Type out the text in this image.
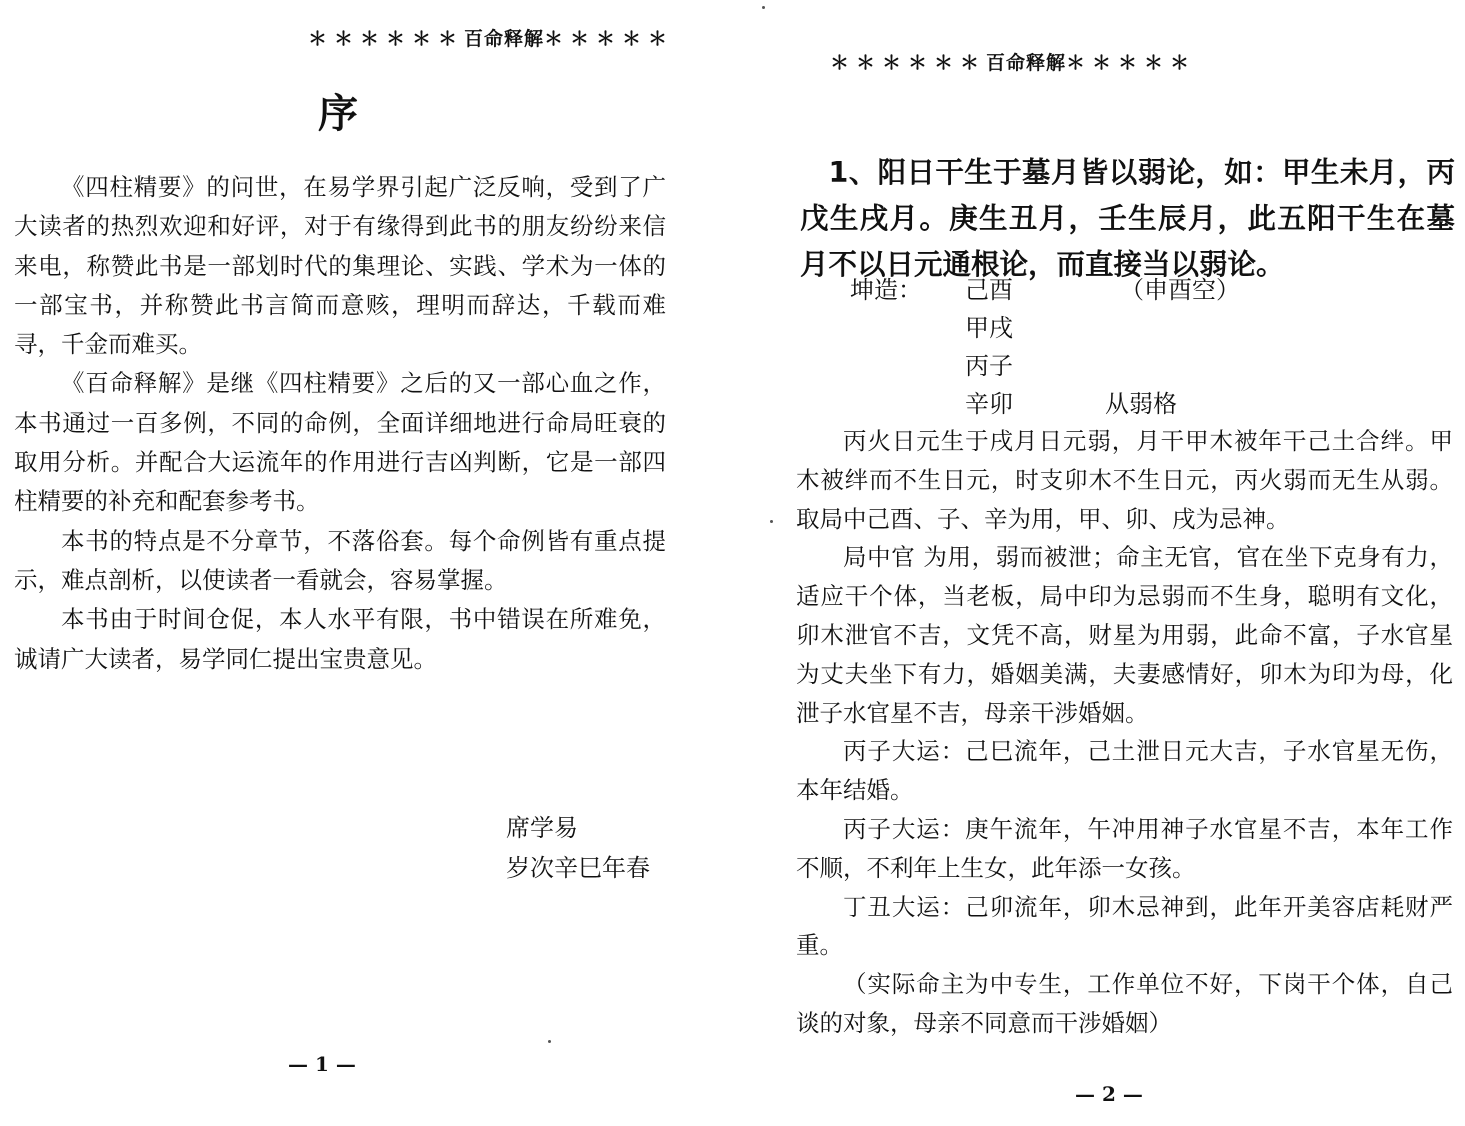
＊＊＊＊＊＊百命释解＊＊＊＊＊
序

《四柱精要》的问世，在易学界引起广泛反响，受到了广大读者的热烈欢迎和好评，对于有缘得到此书的朋友纷纷来信来电，称赞此书是一部划时代的集理论、实践、学术为一体的一部宝书，并称赞此书言简而意赅，理明而辞达，千载而难寻，千金而难买。

《百命释解》是继《四柱精要》之后的又一部心血之作，本书通过一百多例，不同的命例，全面详细地进行命局旺衰的取用分析。并配合大运流年的作用进行吉凶判断，它是一部四柱精要的补充和配套参考书。

本书的特点是不分章节，不落俗套。每个命例皆有重点提示，难点剖析，以使读者一看就会，容易掌握。

本书由于时间仓促，本人水平有限，书中错误在所难免，诚请广大读者，易学同仁提出宝贵意见。

席学易
岁次辛巳年春
— 1 —
＊＊＊＊＊＊百命释解＊＊＊＊＊
1、阳日干生于墓月皆以弱论，如：甲生未月，丙戊生戌月。庚生丑月，壬生辰月，此五阳干生在墓月不以日元通根论，而直接当以弱论。
坤造： 己酉	（申酉空）
甲戌
丙子
辛卯	从弱格

丙火日元生于戌月日元弱，月干甲木被年干己土合绊。甲木被绊而不生日元，时支卯木不生日元，丙火弱而无生从弱。取局中己酉、子、辛为用，甲、卯、戌为忌神。

局中官 为用，弱而被泄；命主无官，官在坐下克身有力，适应干个体，当老板，局中印为忌弱而不生身，聪明有文化，卯木泄官不吉，文凭不高，财星为用弱，此命不富，子水官星为丈夫坐下有力，婚姻美满，夫妻感情好，卯木为印为母，化泄子水官星不吉，母亲干涉婚姻。

丙子大运：己巳流年，己土泄日元大吉，子水官星无伤，本年结婚。

丙子大运：庚午流年，午冲用神子水官星不吉，本年工作不顺，不利年上生女，此年添一女孩。

丁丑大运：己卯流年，卯木忌神到，此年开美容店耗财严重。

（实际命主为中专生，工作单位不好，下岗干个体，自己谈的对象，母亲不同意而干涉婚姻）

— 2 —
